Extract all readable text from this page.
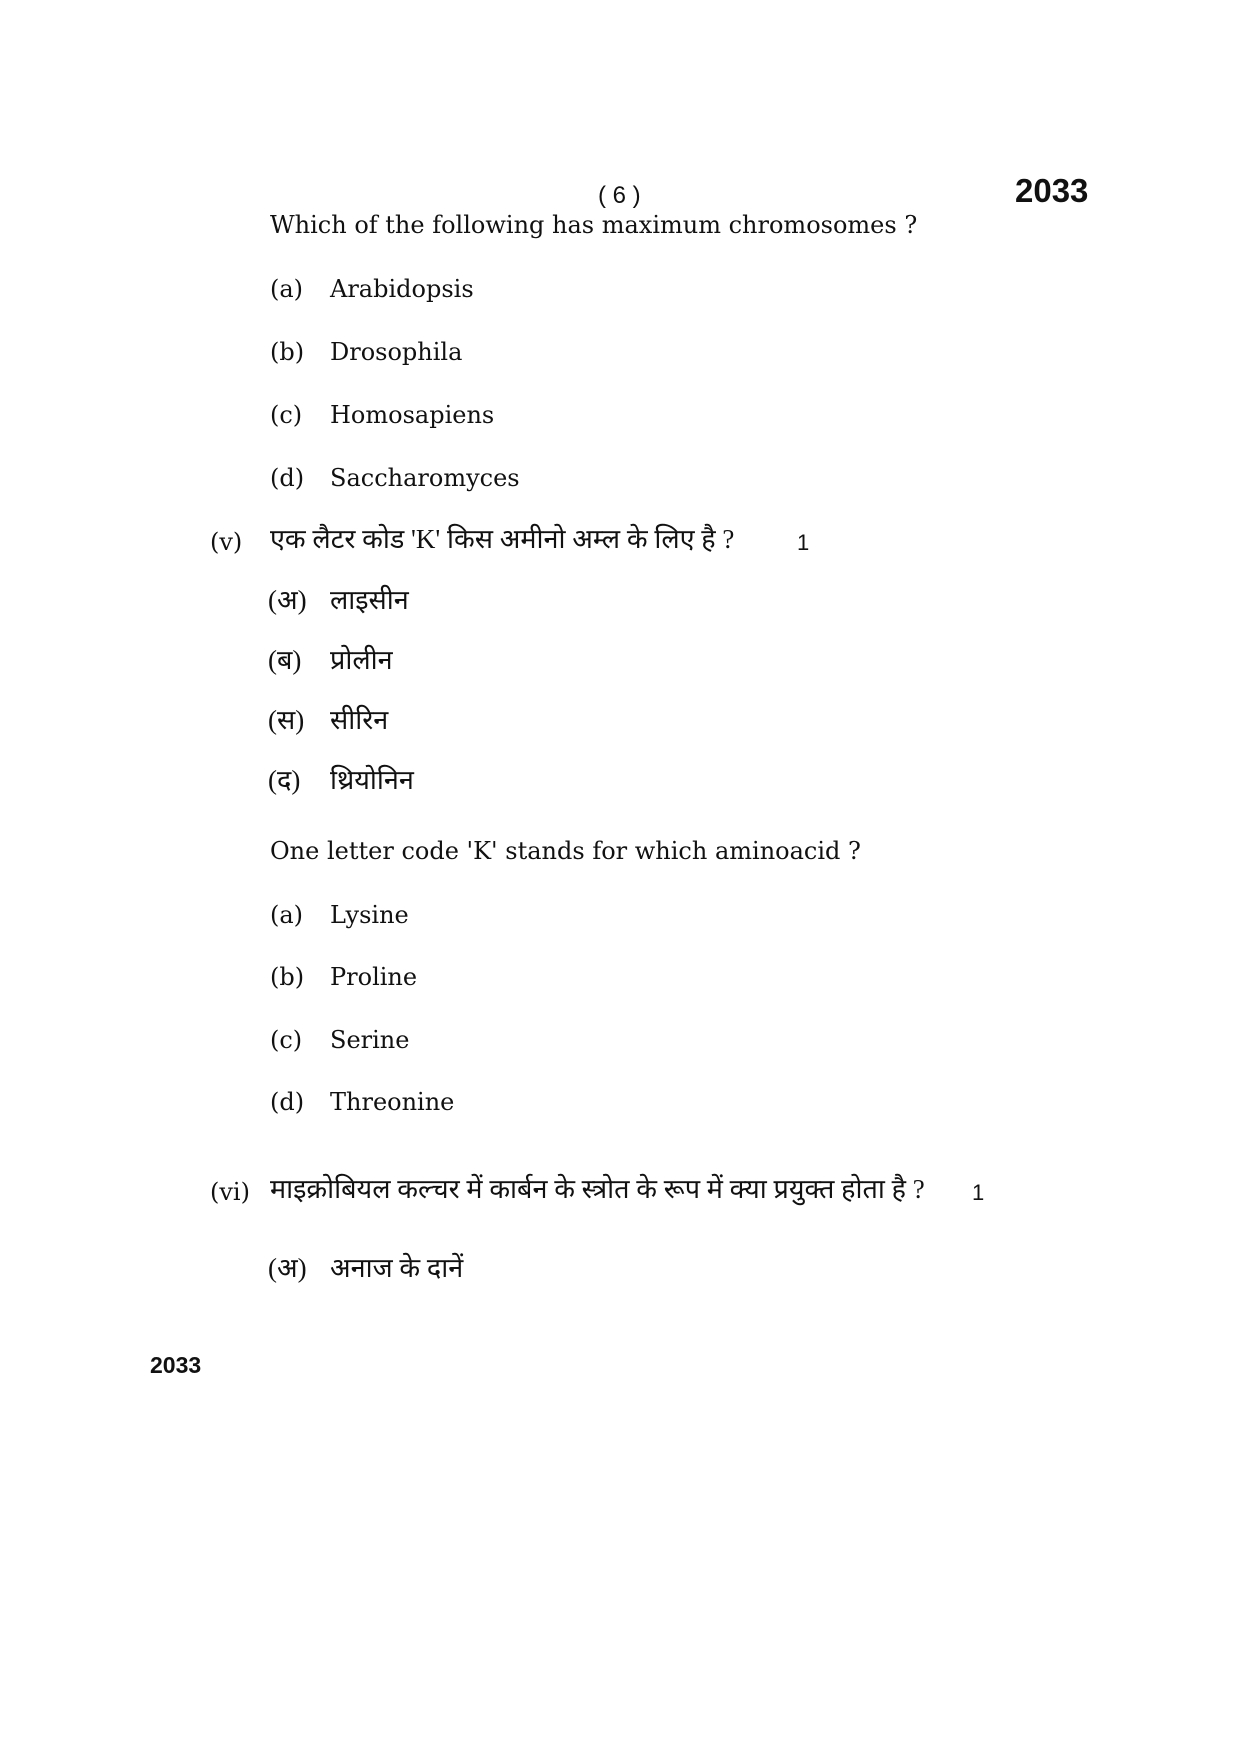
( 6 )	2033
Which of the following has maximum chromosomes ?
(a) Arabidopsis
(b) Drosophila
(c) Homosapiens
(d) Saccharomyces
(v) एक लैटर कोड 'K' किस अमीनो अम्ल के लिए है ?	1
(अ) लाइसीन
(ब) प्रोलीन
(स) सीरिन
(द) थ्रियोनिन
One letter code 'K' stands for which aminoacid ?
(a) Lysine
(b) Proline
(c) Serine
(d) Threonine
(vi) माइक्रोबियल कल्चर में कार्बन के स्त्रोत के रूप में क्या प्रयुक्त होता है ? 1
(अ) अनाज के दानें
2033
